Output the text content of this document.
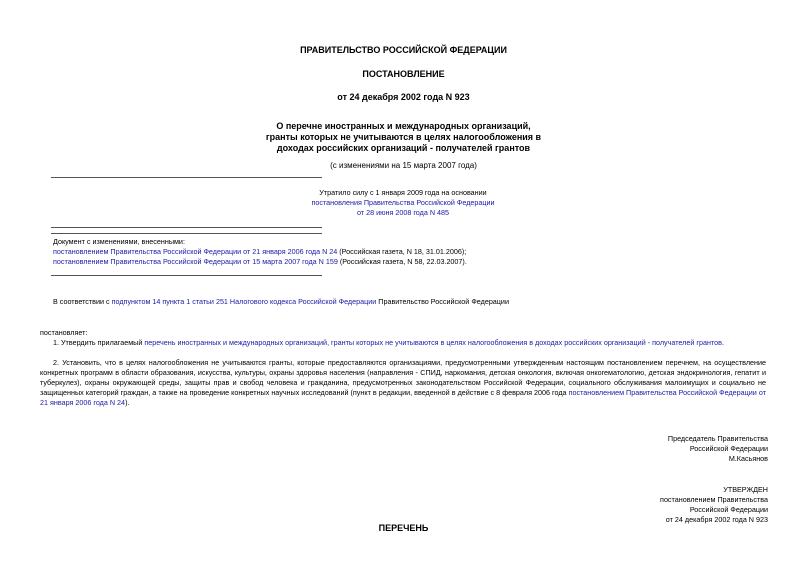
ПРАВИТЕЛЬСТВО РОССИЙСКОЙ ФЕДЕРАЦИИ
ПОСТАНОВЛЕНИЕ
от 24 декабря 2002 года N 923
О перечне иностранных и международных организаций,
гранты которых не учитываются в целях налогообложения в
доходах российских организаций - получателей грантов
(с изменениями на 15 марта 2007 года)
Утратило силу с 1 января 2009 года на основании
постановления Правительства Российской Федерации
от 28 июня 2008 года N 485
Документ с изменениями, внесенными:
постановлением Правительства Российской Федерации от 21 января 2006 года N 24 (Российская газета, N 18, 31.01.2006);
постановлением Правительства Российской Федерации от 15 марта 2007 года N 159 (Российская газета, N 58, 22.03.2007).
В соответствии с подпунктом 14 пункта 1 статьи 251 Налогового кодекса Российской Федерации Правительство Российской Федерации
постановляет:
1. Утвердить прилагаемый перечень иностранных и международных организаций, гранты которых не учитываются в целях налогообложения в доходах российских организаций - получателей грантов.
2. Установить, что в целях налогообложения не учитываются гранты, которые предоставляются организациями, предусмотренными утвержденным настоящим постановлением перечнем, на осуществление конкретных программ в области образования, искусства, культуры, охраны здоровья населения (направления - СПИД, наркомания, детская онкология, включая онкогематологию, детская эндокринология, гепатит и туберкулез), охраны окружающей среды, защиты прав и свобод человека и гражданина, предусмотренных законодательством Российской Федерации, социального обслуживания малоимущих и социально не защищенных категорий граждан, а также на проведение конкретных научных исследований (пункт в редакции, введенной в действие с 8 февраля 2006 года постановлением Правительства Российской Федерации от 21 января 2006 года N 24).
Председатель Правительства
Российской Федерации
М.Касьянов
УТВЕРЖДЕН
постановлением Правительства
Российской Федерации
от 24 декабря 2002 года N 923
ПЕРЕЧЕНЬ
